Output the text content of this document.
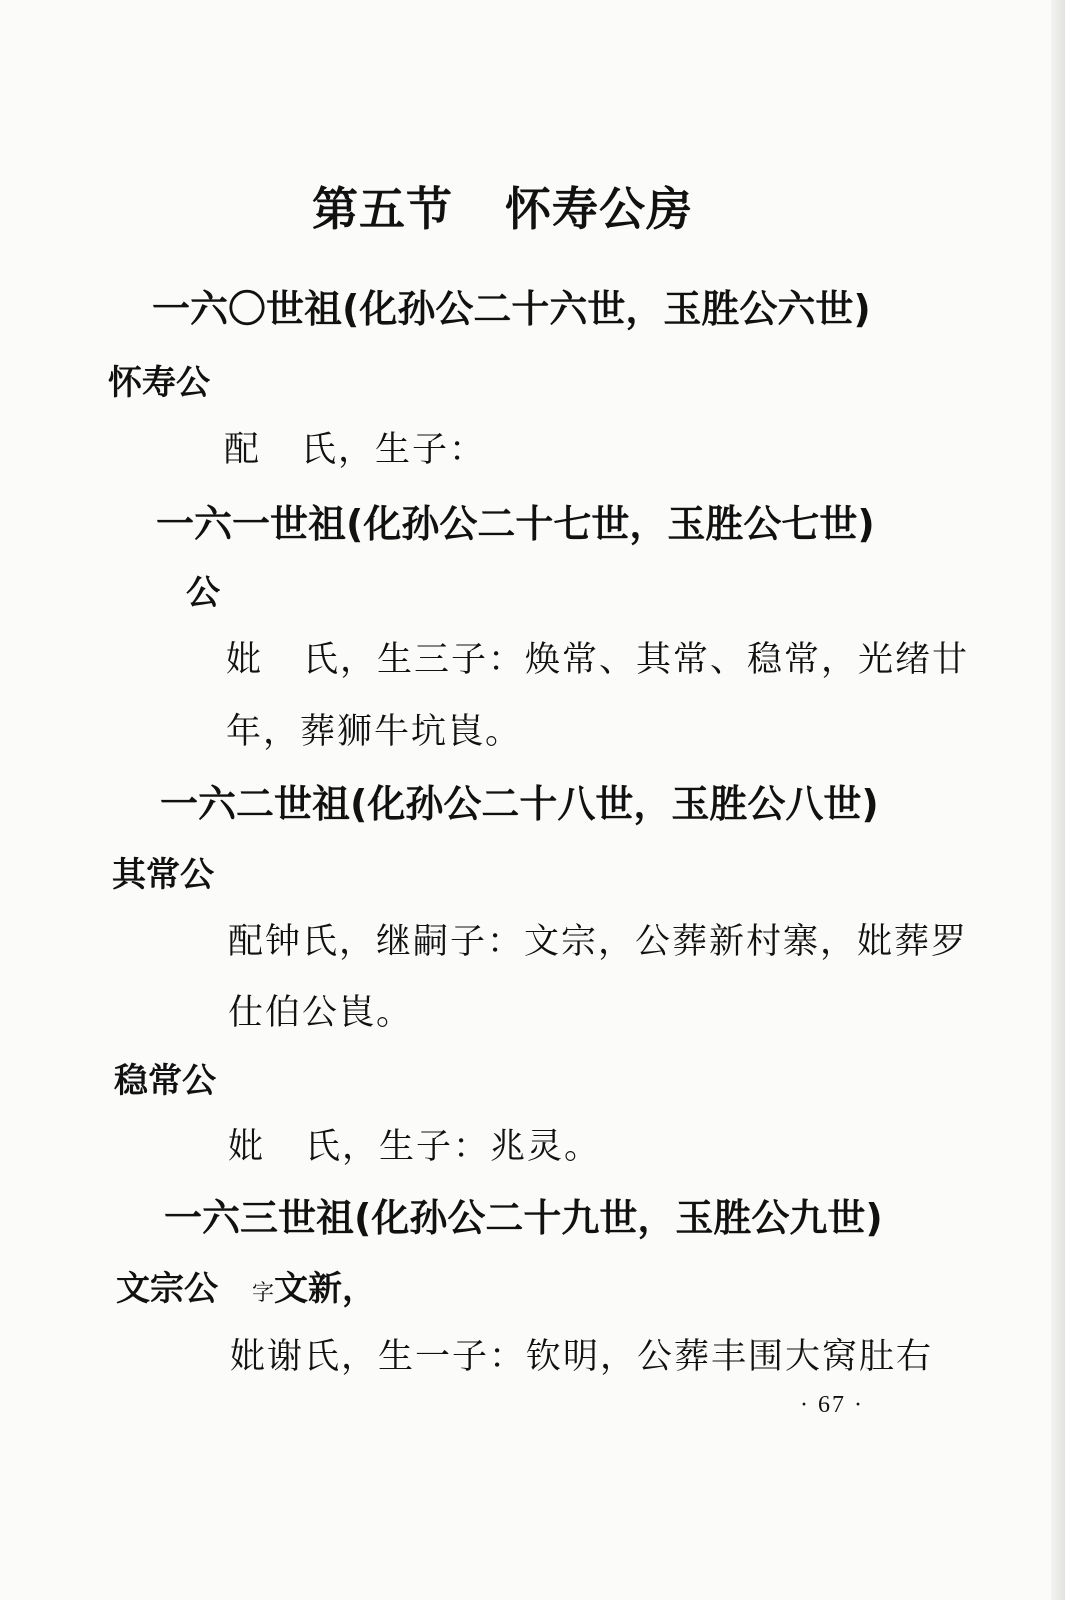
第五节 怀寿公房
一六〇世祖(化孙公二十六世，玉胜公六世)
怀寿公
配 氏，生子：
一六一世祖(化孙公二十七世，玉胜公七世)
公
妣 氏，生三子：焕常、其常、稳常，光绪廿
年，葬狮牛坑崀。
一六二世祖(化孙公二十八世，玉胜公八世)
其常公
配钟氏，继嗣子：文宗，公葬新村寨，妣葬罗
仕伯公崀。
稳常公
妣 氏，生子：兆灵。
一六三世祖(化孙公二十九世，玉胜公九世)
文宗公 字文新，
妣谢氏，生一子：钦明，公葬丰围大窝肚右
· 67 ·
